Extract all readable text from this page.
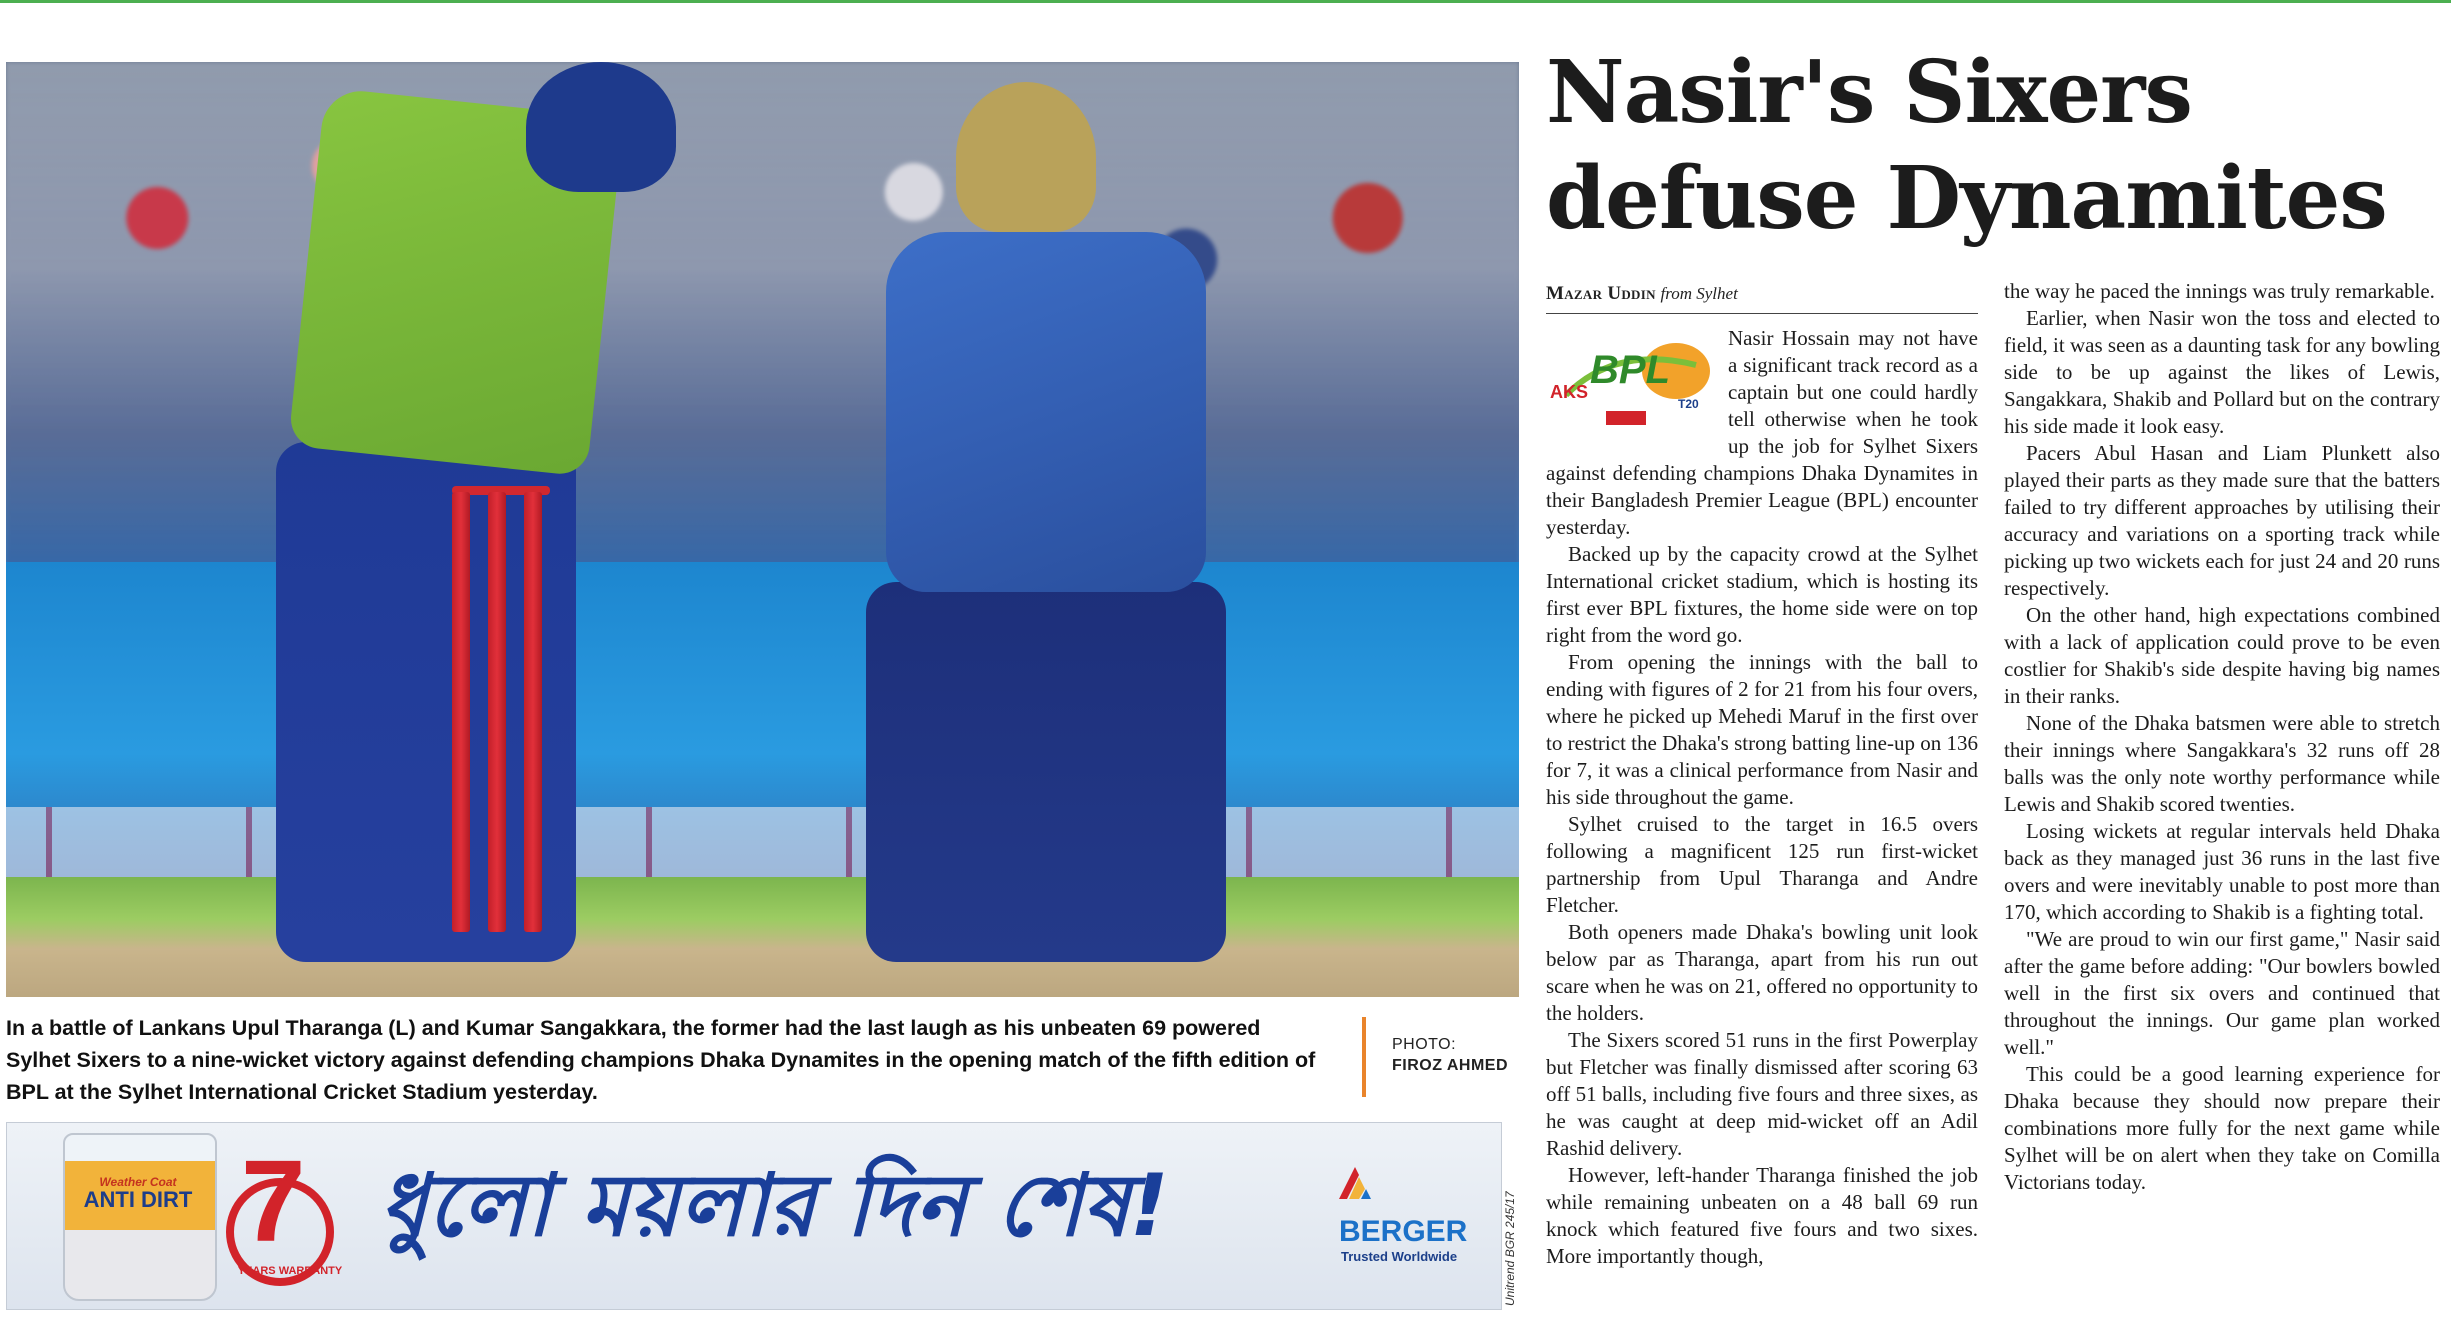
In a battle of Lankans Upul Tharanga (L) and Kumar Sangakkara, the former had the last laugh as his unbeaten 69 powered Sylhet Sixers to a nine-wicket victory against defending champions Dhaka Dynamites in the opening match of the fifth edition of BPL at the Sylhet International Cricket Stadium yesterday.
PHOTO:
FIROZ AHMED
Weather Coat
ANTI DIRT 7
YEARS WARRANTY
ধুলো ময়লার দিন শেষ!	BERGER
Trusted Worldwide	Unitrend BGR 245/17
Nasir's Sixers defuse Dynamites
Mazar Uddin from Sylhet
AKS BPL
T20

Nasir Hossain may not have a significant track record as a captain but one could hardly tell otherwise when he took up the job for Sylhet Sixers against defending champions Dhaka Dynamites in their Bangladesh Premier League (BPL) encounter yesterday.

Backed up by the capacity crowd at the Sylhet International cricket stadium, which is hosting its first ever BPL fixtures, the home side were on top right from the word go.

From opening the innings with the ball to ending with figures of 2 for 21 from his four overs, where he picked up Mehedi Maruf in the first over to restrict the Dhaka's strong batting line-up on 136 for 7, it was a clinical performance from Nasir and his side throughout the game.

Sylhet cruised to the target in 16.5 overs following a magnificent 125 run first-wicket partnership from Upul Tharanga and Andre Fletcher.

Both openers made Dhaka's bowling unit look below par as Tharanga, apart from his run out scare when he was on 21, offered no opportunity to the holders.

The Sixers scored 51 runs in the first Powerplay but Fletcher was finally dismissed after scoring 63 off 51 balls, including five fours and three sixes, as he was caught at deep mid-wicket off an Adil Rashid delivery.

However, left-hander Tharanga finished the job while remaining unbeaten on a 48 ball 69 run knock which featured five fours and two sixes. More importantly though,

the way he paced the innings was truly remarkable.

Earlier, when Nasir won the toss and elected to field, it was seen as a daunting task for any bowling side to be up against the likes of Lewis, Sangakkara, Shakib and Pollard but on the contrary his side made it look easy.

Pacers Abul Hasan and Liam Plunkett also played their parts as they made sure that the batters failed to try different approaches by utilising their accuracy and variations on a sporting track while picking up two wickets each for just 24 and 20 runs respectively.

On the other hand, high expectations combined with a lack of application could prove to be even costlier for Shakib's side despite having big names in their ranks.

None of the Dhaka batsmen were able to stretch their innings where Sangakkara's 32 runs off 28 balls was the only note worthy performance while Lewis and Shakib scored twenties.

Losing wickets at regular intervals held Dhaka back as they managed just 36 runs in the last five overs and were inevitably unable to post more than 170, which according to Shakib is a fighting total.

"We are proud to win our first game," Nasir said after the game before adding: "Our bowlers bowled well in the first six overs and continued that throughout the innings. Our game plan worked well."

This could be a good learning experience for Dhaka because they should now prepare their combinations more fully for the next game while Sylhet will be on alert when they take on Comilla Victorians today.
